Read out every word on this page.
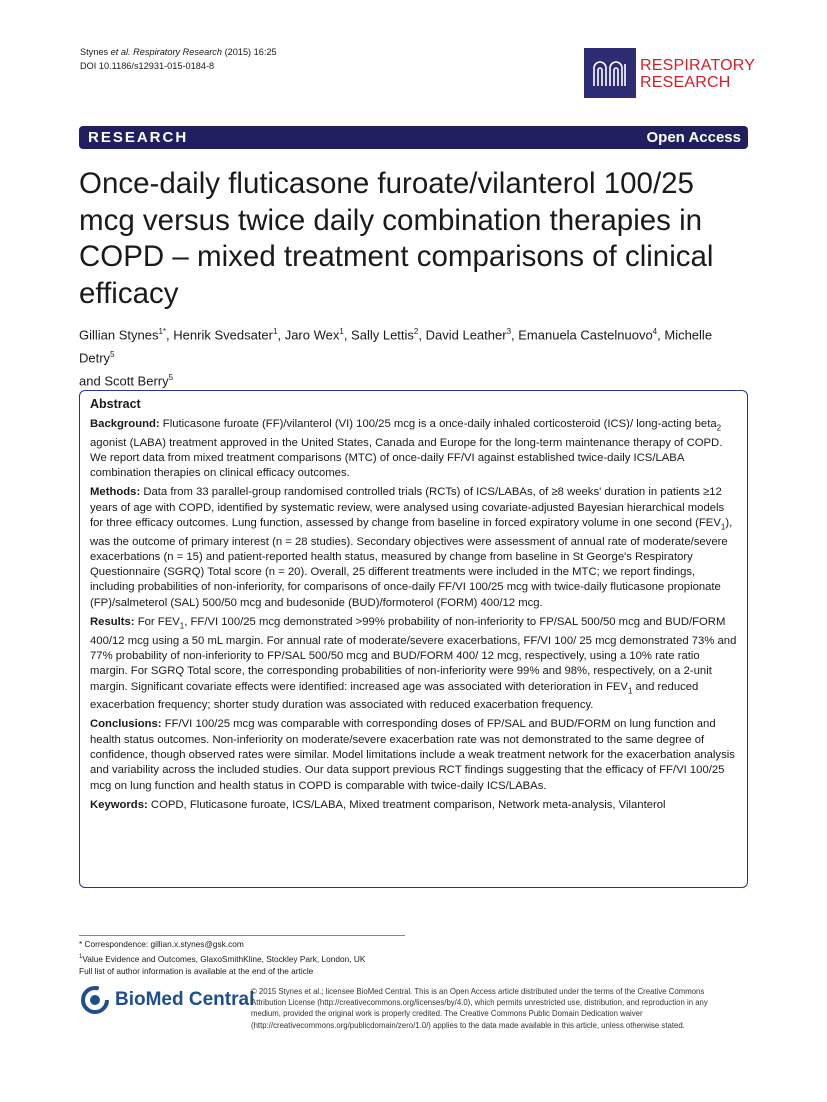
Stynes et al. Respiratory Research (2015) 16:25
DOI 10.1186/s12931-015-0184-8	RESPIRATORY
RESEARCH
RESEARCH	Open Access
Once-daily fluticasone furoate/vilanterol 100/25 mcg versus twice daily combination therapies in COPD – mixed treatment comparisons of clinical efficacy
Gillian Stynes$^{1*}$, Henrik Svedsater$^1$, Jaro Wex$^1$, Sally Lettis$^2$, David Leather$^3$, Emanuela Castelnuovo$^4$, Michelle Detry$^5$
and Scott Berry$^5$
Abstract

Background: Fluticasone furoate (FF)/vilanterol (VI) 100/25 mcg is a once-daily inhaled corticosteroid (ICS)/ long-acting beta$_2$ agonist (LABA) treatment approved in the United States, Canada and Europe for the long-term maintenance therapy of COPD. We report data from mixed treatment comparisons (MTC) of once-daily FF/VI against established twice-daily ICS/LABA combination therapies on clinical efficacy outcomes.

Methods: Data from 33 parallel-group randomised controlled trials (RCTs) of ICS/LABAs, of ≥8 weeks' duration in patients ≥12 years of age with COPD, identified by systematic review, were analysed using covariate-adjusted Bayesian hierarchical models for three efficacy outcomes. Lung function, assessed by change from baseline in forced expiratory volume in one second $(FEV_1)$, was the outcome of primary interest (n = 28 studies). Secondary objectives were assessment of annual rate of moderate/severe exacerbations (n = 15) and patient-reported health status, measured by change from baseline in St George's Respiratory Questionnaire (SGRQ) Total score (n = 20). Overall, 25 different treatments were included in the MTC; we report findings, including probabilities of non-inferiority, for comparisons of once-daily FF/VI 100/25 mcg with twice-daily fluticasone propionate (FP)/salmeterol (SAL) 500/50 mcg and budesonide (BUD)/formoterol (FORM) 400/12 mcg.

Results: For $FEV_1$, FF/VI 100/25 mcg demonstrated >99% probability of non-inferiority to FP/SAL 500/50 mcg and BUD/FORM 400/12 mcg using a 50 mL margin. For annual rate of moderate/severe exacerbations, FF/VI 100/ 25 mcg demonstrated 73% and 77% probability of non-inferiority to FP/SAL 500/50 mcg and BUD/FORM 400/ 12 mcg, respectively, using a 10% rate ratio margin. For SGRQ Total score, the corresponding probabilities of non-inferiority were 99% and 98%, respectively, on a 2-unit margin. Significant covariate effects were identified: increased age was associated with deterioration in $FEV_1$ and reduced exacerbation frequency; shorter study duration was associated with reduced exacerbation frequency.

Conclusions: FF/VI 100/25 mcg was comparable with corresponding doses of FP/SAL and BUD/FORM on lung function and health status outcomes. Non-inferiority on moderate/severe exacerbation rate was not demonstrated to the same degree of confidence, though observed rates were similar. Model limitations include a weak treatment network for the exacerbation analysis and variability across the included studies. Our data support previous RCT findings suggesting that the efficacy of FF/VI 100/25 mcg on lung function and health status in COPD is comparable with twice-daily ICS/LABAs.

Keywords: COPD, Fluticasone furoate, ICS/LABA, Mixed treatment comparison, Network meta-analysis, Vilanterol

* Correspondence: gillian.x.stynes@gsk.com
$^1$Value Evidence and Outcomes, GlaxoSmithKline, Stockley Park, London, UK
Full list of author information is available at the end of the article
BioMed Central
© 2015 Stynes et al.; licensee BioMed Central. This is an Open Access article distributed under the terms of the Creative Commons Attribution License (http://creativecommons.org/licenses/by/4.0), which permits unrestricted use, distribution, and reproduction in any medium, provided the original work is properly credited. The Creative Commons Public Domain Dedication waiver (http://creativecommons.org/publicdomain/zero/1.0/) applies to the data made available in this article, unless otherwise stated.
